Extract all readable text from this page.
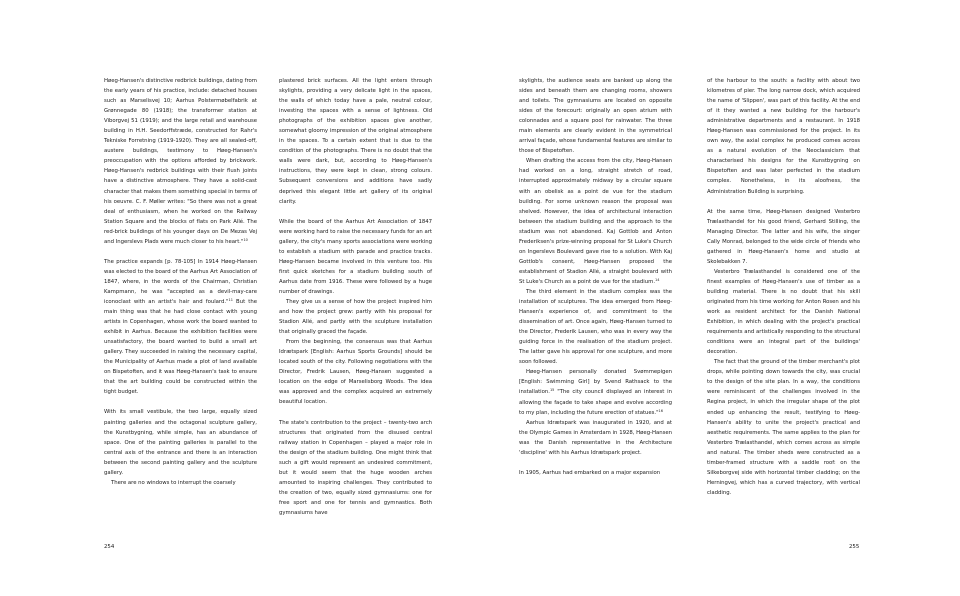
Høeg-Hansen's distinctive redbrick buildings, dating from the early years of his practice, include: detached houses such as Marselisvej 10; Aarhus Polstermøbelfabrik at Grønnegade 80 (1918); the transformer station at Viborgvej 51 (1919); and the large retail and warehouse building in H.H. Seedorffstræde, constructed for Rahr's Tekniske Forretning (1919-1920). They are all sealed-off, austere buildings, testimony to Høeg-Hansen's preoccupation with the options afforded by brickwork. Høeg-Hansen's redbrick buildings with their flush joints have a distinctive atmosphere. They have a solid-cast character that makes them something special in terms of his oeuvre. C. F. Møller writes: "So there was not a great deal of enthusiasm, when he worked on the Railway Station Square and the blocks of flats on Park Allé. The red-brick buildings of his younger days on De Mezas Vej and Ingerslevs Plads were much closer to his heart."$^{10}$

The practice expands [p. 78-105] In 1914 Høeg-Hansen was elected to the board of the Aarhus Art Association of 1847, where, in the words of the Chairman, Christian Kampmann, he was "accepted as a devil-may-care iconoclast with an artist's hair and foulard."$^{11}$ But the main thing was that he had close contact with young artists in Copenhagen, whose work the board wanted to exhibit in Aarhus. Because the exhibition facilities were unsatisfactory, the board wanted to build a small art gallery. They succeeded in raising the necessary capital, the Municipality of Aarhus made a plot of land available on Bispetoften, and it was Høeg-Hansen's task to ensure that the art building could be constructed within the tight budget.

With its small vestibule, the two large, equally sized painting galleries and the octagonal sculpture gallery, the Kunstbygning, while simple, has an abundance of space. One of the painting galleries is parallel to the central axis of the entrance and there is an interaction between the second painting gallery and the sculpture gallery.

There are no windows to interrupt the coarsely

plastered brick surfaces. All the light enters through skylights, providing a very delicate light in the spaces, the walls of which today have a pale, neutral colour, investing the spaces with a sense of lightness. Old photographs of the exhibition spaces give another, somewhat gloomy impression of the original atmosphere in the spaces. To a certain extent that is due to the condition of the photographs. There is no doubt that the walls were dark, but, according to Høeg-Hansen's instructions, they were kept in clean, strong colours. Subsequent conversions and additions have sadly deprived this elegant little art gallery of its original clarity.

While the board of the Aarhus Art Association of 1847 were working hard to raise the necessary funds for an art gallery, the city's many sports associations were working to establish a stadium with parade and practice tracks. Høeg-Hansen became involved in this venture too. His first quick sketches for a stadium building south of Aarhus date from 1916. These were followed by a huge number of drawings.

They give us a sense of how the project inspired him and how the project grew: partly with his proposal for Stadion Allé, and partly with the sculpture installation that originally graced the façade.

From the beginning, the consensus was that Aarhus Idrætspark [English: Aarhus Sports Grounds] should be located south of the city. Following negotiations with the Director, Fredrik Lausen, Høeg-Hansen suggested a location on the edge of Marselisborg Woods. The idea was approved and the complex acquired an extremely beautiful location.

The state's contribution to the project – twenty-two arch structures that originated from the disused central railway station in Copenhagen – played a major role in the design of the stadium building. One might think that such a gift would represent an undesired commitment, but it would seem that the huge wooden arches amounted to inspiring challenges. They contributed to the creation of two, equally sized gymnasiums: one for free sport and one for tennis and gymnastics. Both gymnasiums have

254

skylights, the audience seats are banked up along the sides and beneath them are changing rooms, showers and toilets. The gymnasiums are located on opposite sides of the forecourt: originally an open atrium with colonnades and a square pool for rainwater. The three main elements are clearly evident in the symmetrical arrival façade, whose fundamental features are similar to those of Bispetoften.

When drafting the access from the city, Høeg-Hansen had worked on a long, straight stretch of road, interrupted approximately midway by a circular square with an obelisk as a point de vue for the stadium building. For some unknown reason the proposal was shelved. However, the idea of architectural interaction between the stadium building and the approach to the stadium was not abandoned. Kaj Gottlob and Anton Frederiksen's prize-winning proposal for St Luke's Church on Ingerslevs Boulevard gave rise to a solution. With Kaj Gottlob's consent, Høeg-Hansen proposed the establishment of Stadion Allé, a straight boulevard with St Luke's Church as a point de vue for the stadium.$^{14}$

The third element in the stadium complex was the installation of sculptures. The idea emerged from Høeg-Hansen's experience of, and commitment to the dissemination of art. Once again, Høeg-Hansen turned to the Director, Frederik Lausen, who was in every way the guiding force in the realisation of the stadium project. The latter gave his approval for one sculpture, and more soon followed.

Høeg-Hansen personally donated Svømmepigen [English: Swimming Girl] by Svend Rathsack to the installation.$^{15}$ "The city council displayed an interest in allowing the façade to take shape and evolve according to my plan, including the future erection of statues."$^{16}$

Aarhus Idrætspark was inaugurated in 1920, and at the Olympic Games in Amsterdam in 1928, Høeg-Hansen was the Danish representative in the Architecture 'discipline' with his Aarhus Idrætspark project.

In 1905, Aarhus had embarked on a major expansion

of the harbour to the south: a facility with about two kilometres of pier. The long narrow dock, which acquired the name of 'Slippen', was part of this facility. At the end of it they wanted a new building for the harbour's administrative departments and a restaurant. In 1918 Høeg-Hansen was commissioned for the project. In its own way, the axial complex he produced comes across as a natural evolution of the Neoclassicism that characterised his designs for the Kunstbygning on Bispetoften and was later perfected in the stadium complex. Nonetheless, in its aloofness, the Administration Building is surprising.

At the same time, Høeg-Hansen designed Vesterbro Trælasthandel for his good friend, Gerhard Stilling, the Managing Director. The latter and his wife, the singer Cally Monrad, belonged to the wide circle of friends who gathered in Høeg-Hansen's home and studio at Skolebakken 7.

Vesterbro Trælasthandel is considered one of the finest examples of Høeg-Hansen's use of timber as a building material. There is no doubt that his skill originated from his time working for Anton Rosen and his work as resident architect for the Danish National Exhibition, in which dealing with the project's practical requirements and artistically responding to the structural conditions were an integral part of the buildings' decoration.

The fact that the ground of the timber merchant's plot drops, while pointing down towards the city, was crucial to the design of the site plan. In a way, the conditions were reminiscent of the challenges involved in the Regina project, in which the irregular shape of the plot ended up enhancing the result, testifying to Høeg-Hansen's ability to unite the project's practical and aesthetic requirements. The same applies to the plan for Vesterbro Trælasthandel, which comes across as simple and natural. The timber sheds were constructed as a timber-framed structure with a saddle roof: on the Silkeborgvej side with horizontal timber cladding; on the Herningvej, which has a curved trajectory, with vertical cladding.

255
